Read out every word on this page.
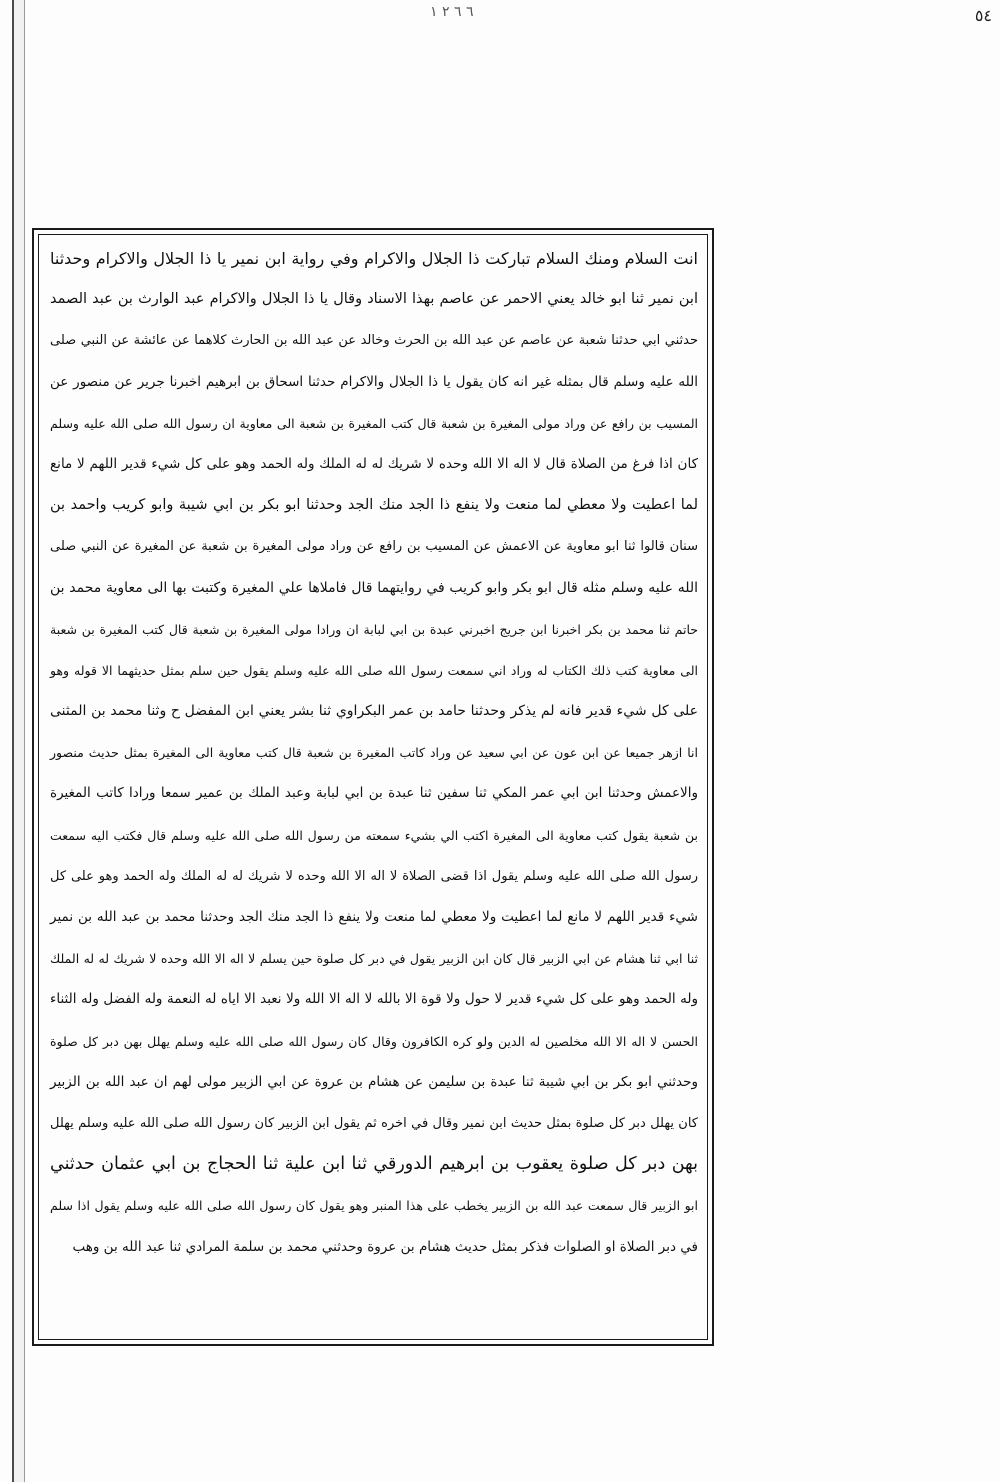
٦ ٦ ٢ ١	٥٤
انت السلام ومنك السلام تباركت ذا الجلال والاكرام وفي رواية ابن نمير يا ذا الجلال والاكرام وحدثنا
ابن نمير ثنا ابو خالد يعني الاحمر عن عاصم بهذا الاسناد وقال يا ذا الجلال والاكرام عبد الوارث بن عبد الصمد
حدثني ابي حدثنا شعبة عن عاصم عن عبد الله بن الحرث وخالد عن عبد الله بن الحارث كلاهما عن عائشة عن النبي صلى
الله عليه وسلم قال بمثله غير انه كان يقول يا ذا الجلال والاكرام حدثنا اسحاق بن ابرهيم اخبرنا جرير عن منصور عن
المسيب بن رافع عن وراد مولى المغيرة بن شعبة قال كتب المغيرة بن شعبة الى معاوية ان رسول الله صلى الله عليه وسلم
كان اذا فرغ من الصلاة قال لا اله الا الله وحده لا شريك له له الملك وله الحمد وهو على كل شيء قدير اللهم لا مانع
لما اعطيت ولا معطي لما منعت ولا ينفع ذا الجد منك الجد وحدثنا ابو بكر بن ابي شيبة وابو كريب واحمد بن
سنان قالوا ثنا ابو معاوية عن الاعمش عن المسيب بن رافع عن وراد مولى المغيرة بن شعبة عن المغيرة عن النبي صلى
الله عليه وسلم مثله قال ابو بكر وابو كريب في روايتهما قال فاملاها علي المغيرة وكتبت بها الى معاوية محمد بن
حاتم ثنا محمد بن بكر اخبرنا ابن جريج اخبرني عبدة بن ابي لبابة ان ورادا مولى المغيرة بن شعبة قال كتب المغيرة بن شعبة
الى معاوية كتب ذلك الكتاب له وراد اني سمعت رسول الله صلى الله عليه وسلم يقول حين سلم بمثل حديثهما الا قوله وهو
على كل شيء قدير فانه لم يذكر وحدثنا حامد بن عمر البكراوي ثنا بشر يعني ابن المفضل ح وثنا محمد بن المثنى
انا ازهر جميعا عن ابن عون عن ابي سعيد عن وراد كاتب المغيرة بن شعبة قال كتب معاوية الى المغيرة بمثل حديث منصور
والاعمش وحدثنا ابن ابي عمر المكي ثنا سفين ثنا عبدة بن ابي لبابة وعبد الملك بن عمير سمعا ورادا كاتب المغيرة
بن شعبة يقول كتب معاوية الى المغيرة اكتب الي بشيء سمعته من رسول الله صلى الله عليه وسلم قال فكتب اليه سمعت
رسول الله صلى الله عليه وسلم يقول اذا قضى الصلاة لا اله الا الله وحده لا شريك له له الملك وله الحمد وهو على كل
شيء قدير اللهم لا مانع لما اعطيت ولا معطي لما منعت ولا ينفع ذا الجد منك الجد وحدثنا محمد بن عبد الله بن نمير
ثنا ابي ثنا هشام عن ابي الزبير قال كان ابن الزبير يقول في دبر كل صلوة حين يسلم لا اله الا الله وحده لا شريك له له الملك
وله الحمد وهو على كل شيء قدير لا حول ولا قوة الا بالله لا اله الا الله ولا نعبد الا اياه له النعمة وله الفضل وله الثناء
الحسن لا اله الا الله مخلصين له الدين ولو كره الكافرون وقال كان رسول الله صلى الله عليه وسلم يهلل بهن دبر كل صلوة
وحدثني ابو بكر بن ابي شيبة ثنا عبدة بن سليمن عن هشام بن عروة عن ابي الزبير مولى لهم ان عبد الله بن الزبير
كان يهلل دبر كل صلوة بمثل حديث ابن نمير وقال في اخره ثم يقول ابن الزبير كان رسول الله صلى الله عليه وسلم يهلل
بهن دبر كل صلوة يعقوب بن ابرهيم الدورقي ثنا ابن علية ثنا الحجاج بن ابي عثمان حدثني
ابو الزبير قال سمعت عبد الله بن الزبير يخطب على هذا المنبر وهو يقول كان رسول الله صلى الله عليه وسلم يقول اذا سلم
في دبر الصلاة او الصلوات فذكر بمثل حديث هشام بن عروة وحدثني محمد بن سلمة المرادي ثنا عبد الله بن وهب
